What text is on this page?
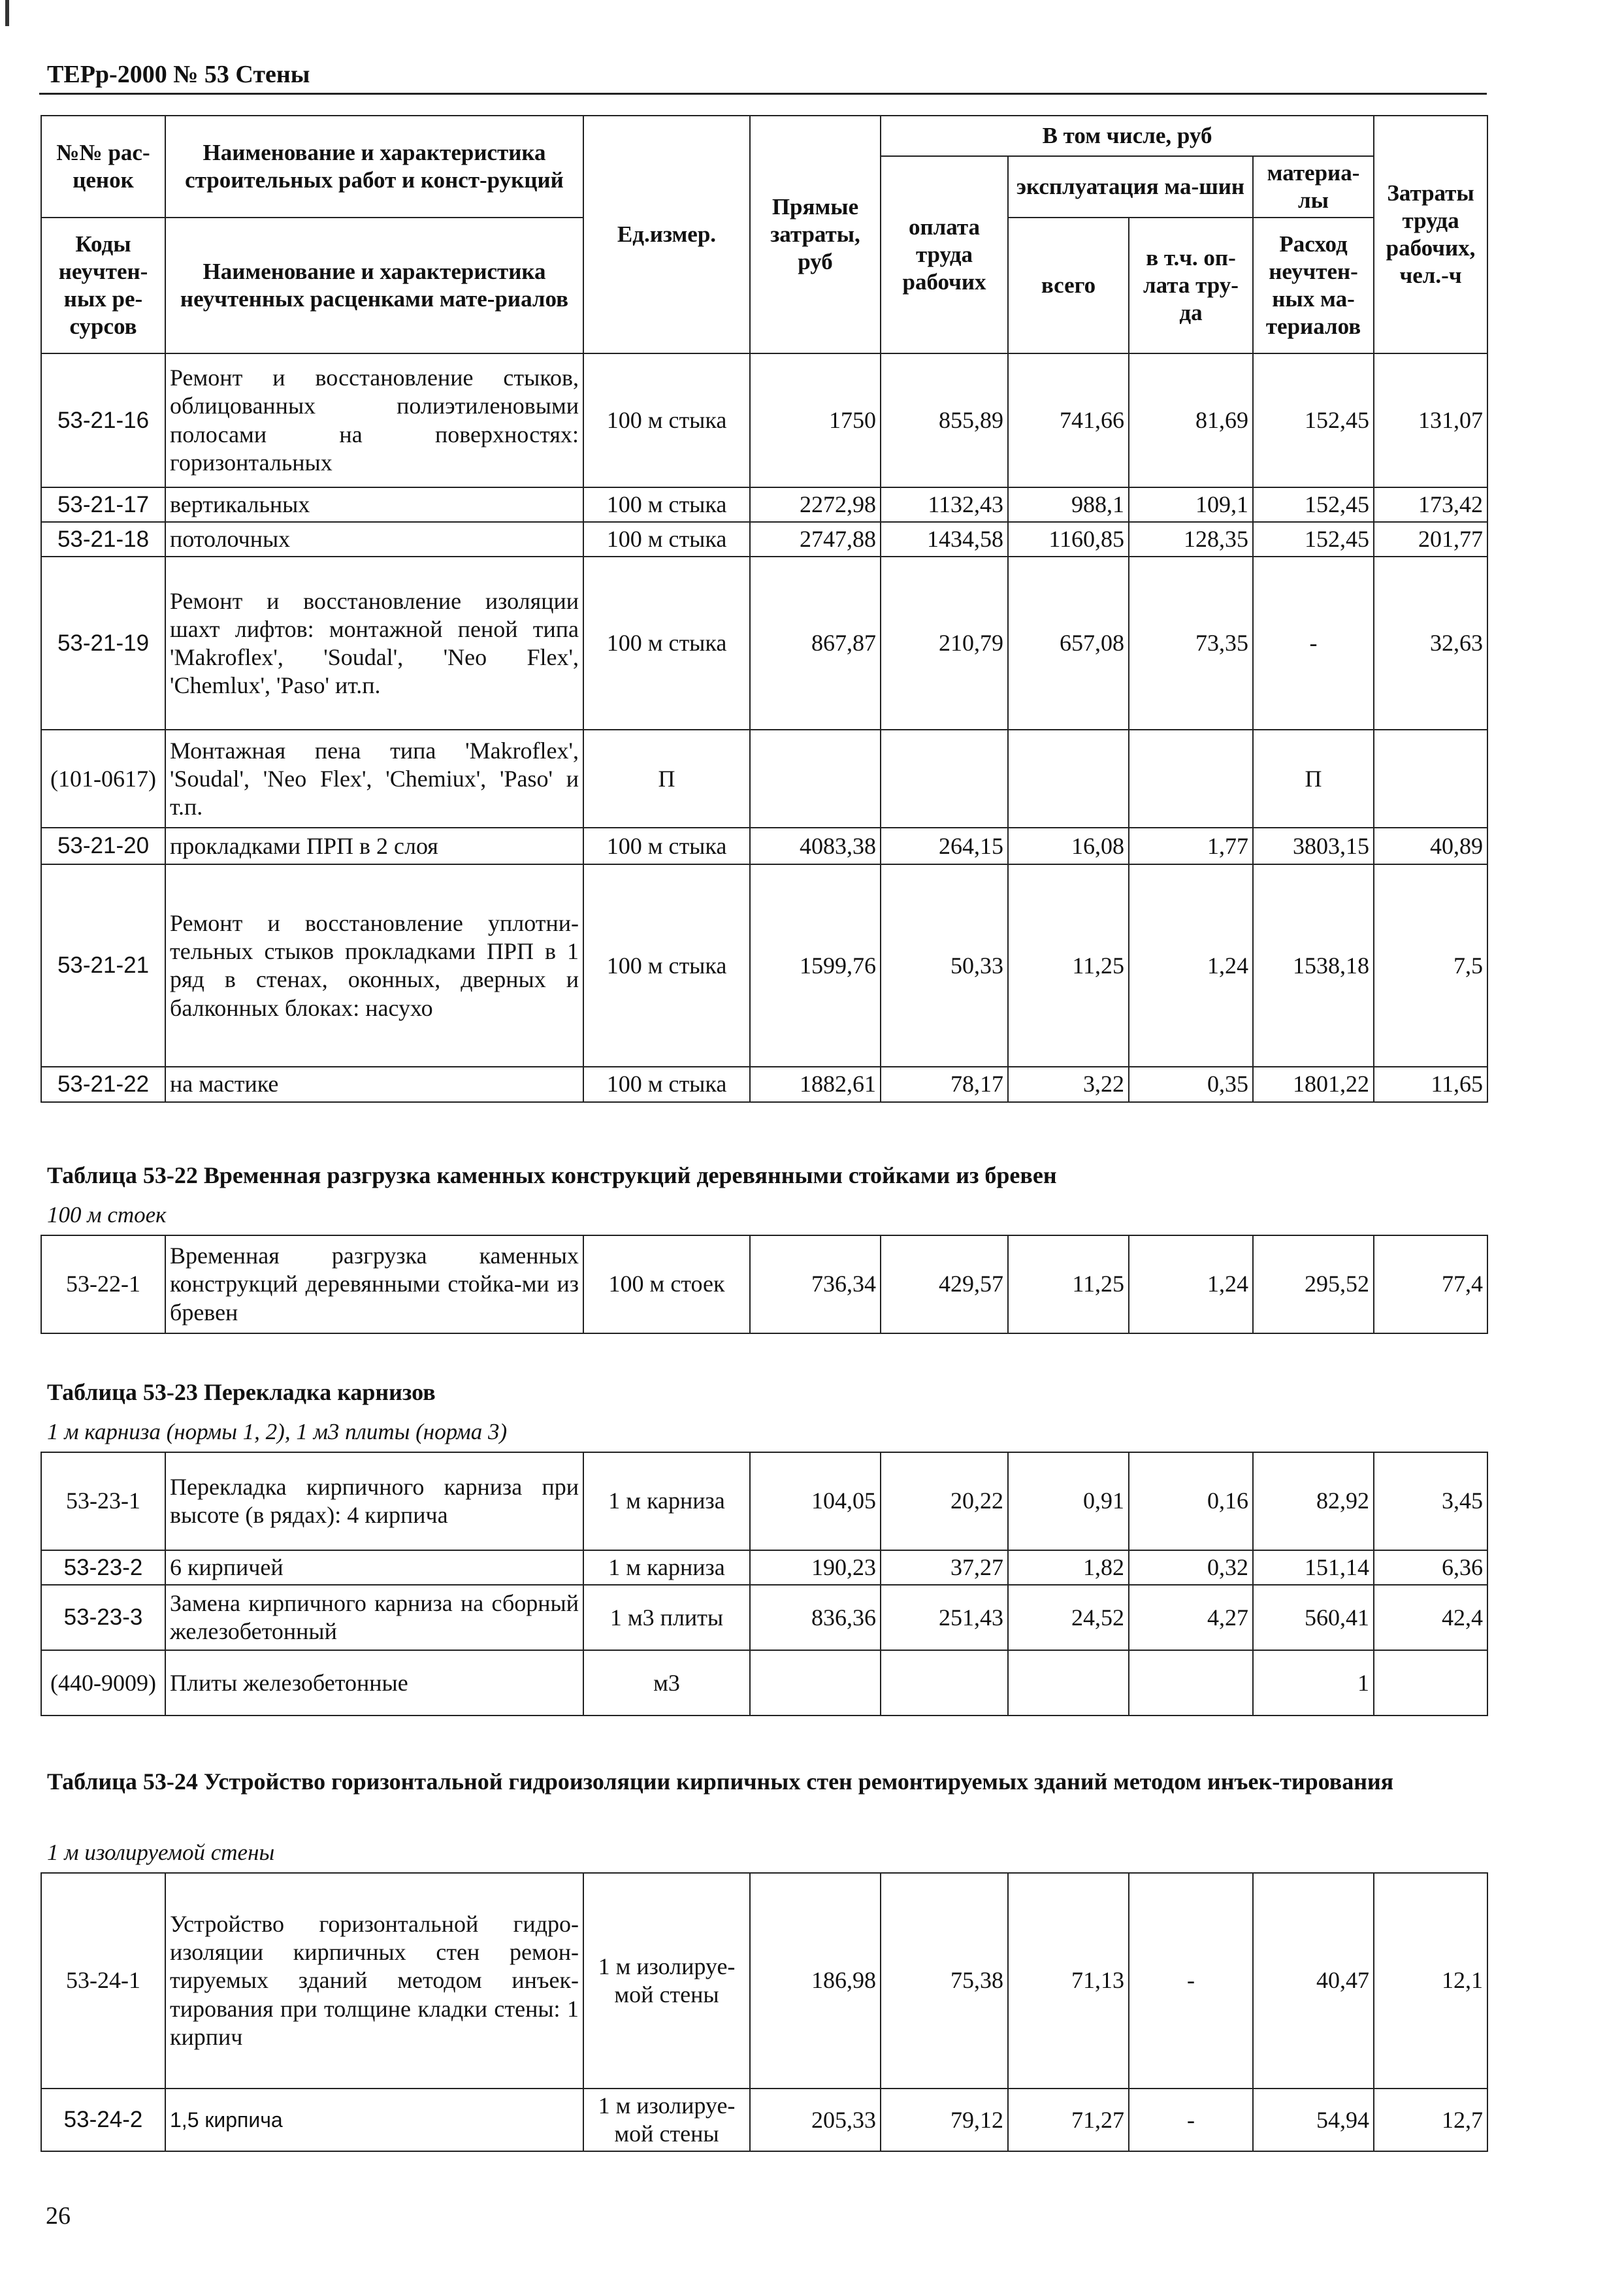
ТЕРр-2000 № 53 Стены
№№ рас-ценок	Наименование и характеристика строительных работ и конст-рукций	Ед.измер.	Прямые затраты, руб	В том числе, руб				Затраты труда рабочих, чел.-ч
				оплата труда рабочих	эксплуатация ма-шин		материа-лы	

Коды неучтен-ных ре-сурсов	Наименование и характеристика неучтенных расценками мате-риалов				всего	в т.ч. оп-лата тру-да	Расход неучтен-ных ма-териалов	

53-21-16	Ремонт и восстановление стыков, облицованных полиэтиленовыми полосами на поверхностях: горизонтальных	100 м стыка	1750	855,89	741,66	81,69	152,45	131,07
53-21-17	вертикальных	100 м стыка	2272,98	1132,43	988,1	109,1	152,45	173,42
53-21-18	потолочных	100 м стыка	2747,88	1434,58	1160,85	128,35	152,45	201,77
53-21-19	Ремонт и восстановление изоляции шахт лифтов: монтажной пеной типа 'Makroflex', 'Soudal', 'Neo Flex', 'Chemlux', 'Paso' ит.п.	100 м стыка	867,87	210,79	657,08	73,35	-	32,63
(101-0617)	Монтажная пена типа 'Makroflex', 'Soudal', 'Neo Flex', 'Chemiux', 'Paso' и т.п.	П					П	
53-21-20	прокладками ПРП в 2 слоя	100 м стыка	4083,38	264,15	16,08	1,77	3803,15	40,89
53-21-21	Ремонт и восстановление уплотни-тельных стыков прокладками ПРП в 1 ряд в стенах, оконных, дверных и балконных блоках: насухо	100 м стыка	1599,76	50,33	11,25	1,24	1538,18	7,5
53-21-22	на мастике	100 м стыка	1882,61	78,17	3,22	0,35	1801,22	11,65
Таблица 53-22 Временная разгрузка каменных конструкций деревянными стойками из бревен
100 м стоек
53-22-1	Временная разгрузка каменных конструкций деревянными стойка-ми из бревен	100 м стоек	736,34	429,57	11,25	1,24	295,52	77,4
Таблица 53-23 Перекладка карнизов
1 м карниза (нормы 1, 2), 1 м3 плиты (норма 3)
53-23-1	Перекладка кирпичного карниза при высоте (в рядах): 4 кирпича	1 м карниза	104,05	20,22	0,91	0,16	82,92	3,45
53-23-2	6 кирпичей	1 м карниза	190,23	37,27	1,82	0,32	151,14	6,36
53-23-3	Замена кирпичного карниза на сборный железобетонный	1 м3 плиты	836,36	251,43	24,52	4,27	560,41	42,4
(440-9009)	Плиты железобетонные	м3					1	
Таблица 53-24 Устройство горизонтальной гидроизоляции кирпичных стен ремонтируемых зданий методом инъек-тирования
1 м изолируемой стены
53-24-1	Устройство горизонтальной гидро-изоляции кирпичных стен ремон-тируемых зданий методом инъек-тирования при толщине кладки стены: 1 кирпич	1 м изолируе-мой стены	186,98	75,38	71,13	-	40,47	12,1
53-24-2	1,5 кирпича	1 м изолируе-мой стены	205,33	79,12	71,27	-	54,94	12,7
26
